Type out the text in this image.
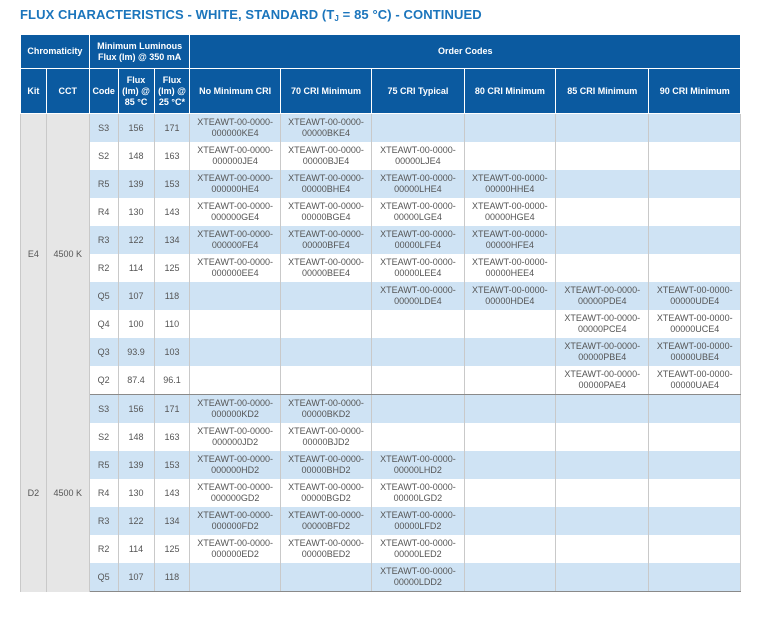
FLUX CHARACTERISTICS - WHITE, STANDARD ($T_J = 85$ °C) - CONTINUED
Chromaticity		Minimum Luminous Flux (lm) @ 350 mA			Order Codes					
Kit	CCT	Code	Flux (lm) @ 85 °C	Flux (lm) @ 25 °C*	No Minimum CRI	70 CRI Minimum	75 CRI Typical	80 CRI Minimum	85 CRI Minimum	90 CRI Minimum
E4	4500 K	S3	156	171	XTEAWT-00-0000-
000000KE4	XTEAWT-00-0000-
00000BKE4				
		S2	148	163	XTEAWT-00-0000-
000000JE4	XTEAWT-00-0000-
00000BJE4	XTEAWT-00-0000-
00000LJE4			
		R5	139	153	XTEAWT-00-0000-
000000HE4	XTEAWT-00-0000-
00000BHE4	XTEAWT-00-0000-
00000LHE4	XTEAWT-00-0000-
00000HHE4		
		R4	130	143	XTEAWT-00-0000-
000000GE4	XTEAWT-00-0000-
00000BGE4	XTEAWT-00-0000-
00000LGE4	XTEAWT-00-0000-
00000HGE4		
		R3	122	134	XTEAWT-00-0000-
000000FE4	XTEAWT-00-0000-
00000BFE4	XTEAWT-00-0000-
00000LFE4	XTEAWT-00-0000-
00000HFE4		
		R2	114	125	XTEAWT-00-0000-
000000EE4	XTEAWT-00-0000-
00000BEE4	XTEAWT-00-0000-
00000LEE4	XTEAWT-00-0000-
00000HEE4		
		Q5	107	118			XTEAWT-00-0000-
00000LDE4	XTEAWT-00-0000-
00000HDE4	XTEAWT-00-0000-
00000PDE4	XTEAWT-00-0000-
00000UDE4
		Q4	100	110					XTEAWT-00-0000-
00000PCE4	XTEAWT-00-0000-
00000UCE4
		Q3	93.9	103					XTEAWT-00-0000-
00000PBE4	XTEAWT-00-0000-
00000UBE4
		Q2	87.4	96.1					XTEAWT-00-0000-
00000PAE4	XTEAWT-00-0000-
00000UAE4
D2	4500 K	S3	156	171	XTEAWT-00-0000-
000000KD2	XTEAWT-00-0000-
00000BKD2				
		S2	148	163	XTEAWT-00-0000-
000000JD2	XTEAWT-00-0000-
00000BJD2				
		R5	139	153	XTEAWT-00-0000-
000000HD2	XTEAWT-00-0000-
00000BHD2	XTEAWT-00-0000-
00000LHD2			
		R4	130	143	XTEAWT-00-0000-
000000GD2	XTEAWT-00-0000-
00000BGD2	XTEAWT-00-0000-
00000LGD2			
		R3	122	134	XTEAWT-00-0000-
000000FD2	XTEAWT-00-0000-
00000BFD2	XTEAWT-00-0000-
00000LFD2			
		R2	114	125	XTEAWT-00-0000-
000000ED2	XTEAWT-00-0000-
00000BED2	XTEAWT-00-0000-
00000LED2			
		Q5	107	118			XTEAWT-00-0000-
00000LDD2			
